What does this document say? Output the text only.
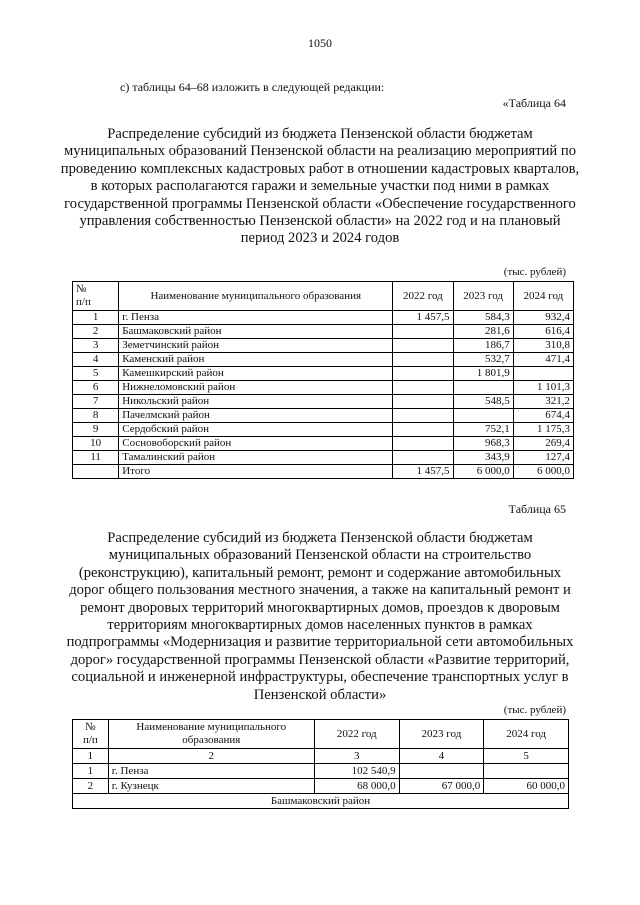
1050
с) таблицы 64–68 изложить в следующей редакции:
«Таблица 64
Распределение субсидий из бюджета Пензенской области бюджетам муниципальных образований Пензенской области на реализацию мероприятий по проведению комплексных кадастровых работ в отношении кадастровых кварталов, в которых располагаются гаражи и земельные участки под ними в рамках государственной программы Пензенской области «Обеспечение государственного управления собственностью Пензенской области» на 2022 год и на плановый период 2023 и 2024 годов
(тыс. рублей)
№
п/п	Наименование муниципального образования	2022 год	2023 год	2024 год
1	г. Пенза	1 457,5	584,3	932,4
2	Башмаковский район		281,6	616,4
3	Земетчинский район		186,7	310,8
4	Каменский район		532,7	471,4
5	Камешкирский район		1 801,9	
6	Нижнеломовский район			1 101,3
7	Никольский район		548,5	321,2
8	Пачелмский район			674,4
9	Сердобский район		752,1	1 175,3
10	Сосновоборский район		968,3	269,4
11	Тамалинский район		343,9	127,4
	Итого	1 457,5	6 000,0	6 000,0
Таблица 65
Распределение субсидий из бюджета Пензенской области бюджетам муниципальных образований Пензенской области на строительство (реконструкцию), капитальный ремонт, ремонт и содержание автомобильных дорог общего пользования местного значения, а также на капитальный ремонт и ремонт дворовых территорий многоквартирных домов, проездов к дворовым территориям многоквартирных домов населенных пунктов в рамках подпрограммы «Модернизация и развитие территориальной сети автомобильных дорог» государственной программы Пензенской области «Развитие территорий, социальной и инженерной инфраструктуры, обеспечение транспортных услуг в Пензенской области»
(тыс. рублей)
№
п/п	Наименование муниципального образования	2022 год	2023 год	2024 год
1	2	3	4	5
1	г. Пенза	102 540,9		
2	г. Кузнецк	68 000,0	67 000,0	60 000,0
Башмаковский район				
